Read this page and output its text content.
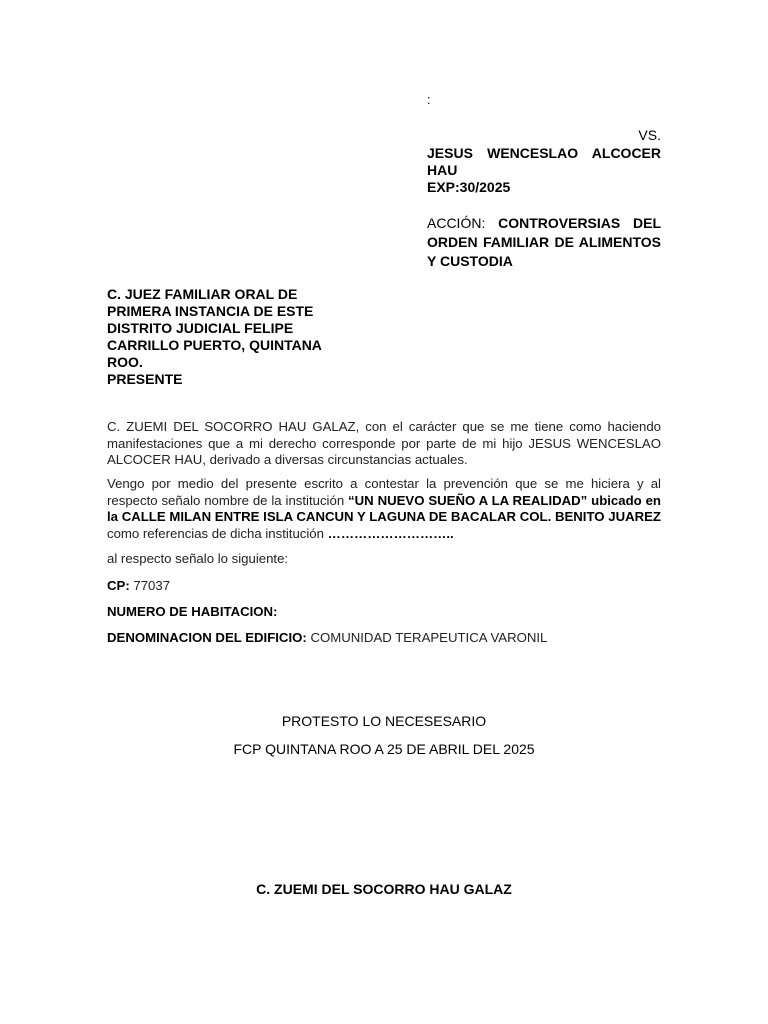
:
VS.
JESUS WENCESLAO ALCOCER
HAU
EXP:30/2025
ACCIÓN: CONTROVERSIAS DEL ORDEN FAMILIAR DE ALIMENTOS Y CUSTODIA
C. JUEZ FAMILIAR ORAL DE
PRIMERA INSTANCIA DE ESTE
DISTRITO JUDICIAL FELIPE
CARRILLO PUERTO, QUINTANA
ROO.
PRESENTE
C. ZUEMI DEL SOCORRO HAU GALAZ, con el carácter que se me tiene como haciendo manifestaciones que a mi derecho corresponde por parte de mi hijo JESUS WENCESLAO ALCOCER HAU, derivado a diversas circunstancias actuales.
Vengo por medio del presente escrito a contestar la prevención que se me hiciera y al respecto señalo nombre de la institución “UN NUEVO SUEÑO A LA REALIDAD” ubicado en la CALLE MILAN ENTRE ISLA CANCUN Y LAGUNA DE BACALAR COL. BENITO JUAREZ como referencias de dicha institución ………………………..
al respecto señalo lo siguiente:
CP: 77037
NUMERO DE HABITACION:
DENOMINACION DEL EDIFICIO: COMUNIDAD TERAPEUTICA VARONIL
PROTESTO LO NECESESARIO
FCP QUINTANA ROO A 25 DE ABRIL DEL 2025
C. ZUEMI DEL SOCORRO HAU GALAZ
